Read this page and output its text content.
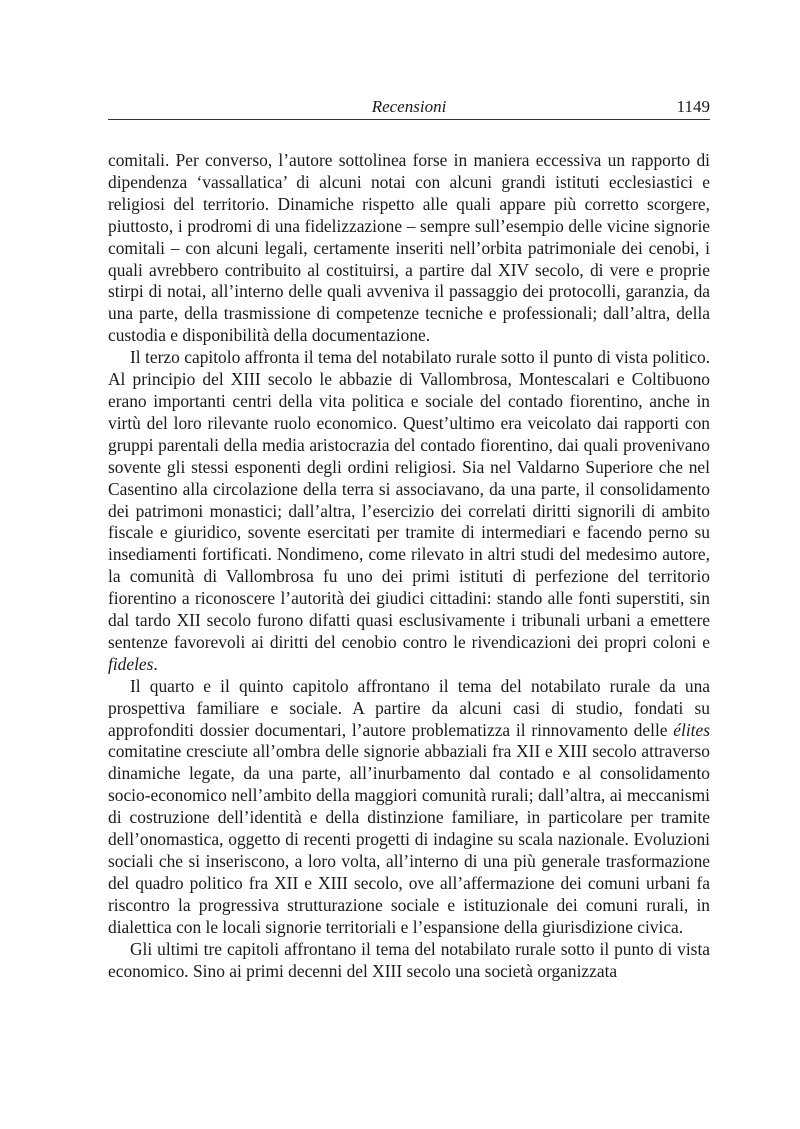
Recensioni	1149

comitali. Per converso, l’autore sottolinea forse in maniera eccessiva un rapporto di dipendenza ‘vassallatica’ di alcuni notai con alcuni grandi istituti ecclesiastici e religiosi del territorio. Dinamiche rispetto alle quali appare più corretto scorgere, piuttosto, i prodromi di una fidelizzazione – sempre sull’esempio delle vicine signorie comitali – con alcuni legali, certamente inseriti nell’orbita patrimoniale dei cenobi, i quali avrebbero contribuito al costituirsi, a partire dal XIV secolo, di vere e proprie stirpi di notai, all’interno delle quali avveniva il passaggio dei protocolli, garanzia, da una parte, della trasmissione di competenze tecniche e professionali; dall’altra, della custodia e disponibilità della documentazione.

Il terzo capitolo affronta il tema del notabilato rurale sotto il punto di vista politico. Al principio del XIII secolo le abbazie di Vallombrosa, Montescalari e Coltibuono erano importanti centri della vita politica e sociale del contado fiorentino, anche in virtù del loro rilevante ruolo economico. Quest’ultimo era veicolato dai rapporti con gruppi parentali della media aristocrazia del contado fiorentino, dai quali provenivano sovente gli stessi esponenti degli ordini religiosi. Sia nel Valdarno Superiore che nel Casentino alla circolazione della terra si associavano, da una parte, il consolidamento dei patrimoni monastici; dall’altra, l’esercizio dei correlati diritti signorili di ambito fiscale e giuridico, sovente esercitati per tramite di intermediari e facendo perno su insediamenti fortificati. Nondimeno, come rilevato in altri studi del medesimo autore, la comunità di Vallombrosa fu uno dei primi istituti di perfezione del territorio fiorentino a riconoscere l’autorità dei giudici cittadini: stando alle fonti superstiti, sin dal tardo XII secolo furono difatti quasi esclusivamente i tribunali urbani a emettere sentenze favorevoli ai diritti del cenobio contro le rivendicazioni dei propri coloni e fideles.

Il quarto e il quinto capitolo affrontano il tema del notabilato rurale da una prospettiva familiare e sociale. A partire da alcuni casi di studio, fondati su approfonditi dossier documentari, l’autore problematizza il rinnovamento delle élites comitatine cresciute all’ombra delle signorie abbaziali fra XII e XIII secolo attraverso dinamiche legate, da una parte, all’inurbamento dal contado e al consolidamento socio-economico nell’ambito della maggiori comunità rurali; dall’altra, ai meccanismi di costruzione dell’identità e della distinzione familiare, in particolare per tramite dell’onomastica, oggetto di recenti progetti di indagine su scala nazionale. Evoluzioni sociali che si inseriscono, a loro volta, all’interno di una più generale trasformazione del quadro politico fra XII e XIII secolo, ove all’affermazione dei comuni urbani fa riscontro la progressiva strutturazione sociale e istituzionale dei comuni rurali, in dialettica con le locali signorie territoriali e l’espansione della giurisdizione civica.

Gli ultimi tre capitoli affrontano il tema del notabilato rurale sotto il punto di vista economico. Sino ai primi decenni del XIII secolo una società organizzata
